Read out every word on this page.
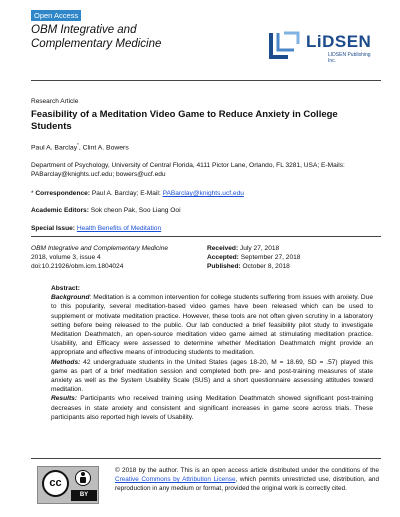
Open Access
OBM Integrative and
Complementary Medicine	LiDSEN
LIDSEN Publishing Inc.
Research Article
Feasibility of a Meditation Video Game to Reduce Anxiety in College Students
Paul A. Barclay*, Clint A. Bowers
Department of Psychology, University of Central Florida, 4111 Pictor Lane, Orlando, FL 3281, USA; E-Mails: PABarclay@knights.ucf.edu; bowers@ucf.edu
* Correspondence: Paul A. Barclay; E-Mail: PABarclay@knights.ucf.edu
Academic Editors: Sok cheon Pak, Soo Liang Ooi
Special Issue: Health Benefits of Meditation
OBM Integrative and Complementary Medicine
2018, volume 3, issue 4
doi:10.21926/obm.icm.1804024
Received: July 27, 2018
Accepted: September 27, 2018
Published: October 8, 2018

Abstract:

Background: Meditation is a common intervention for college students suffering from issues with anxiety. Due to this popularity, several meditation-based video games have been released which can be used to supplement or motivate meditation practice. However, these tools are not often given scrutiny in a laboratory setting before being released to the public. Our lab conducted a brief feasibility pilot study to investigate Meditation Deathmatch, an open-source meditation video game aimed at stimulating meditation practice. Usability, and Efficacy were assessed to determine whether Meditation Deathmatch might provide an appropriate and effective means of introducing students to meditation.

Methods: 42 undergraduate students in the United States (ages 18-20, M = 18.69, SD = .57) played this game as part of a brief meditation session and completed both pre- and post-training measures of state anxiety as well as the System Usability Scale (SUS) and a short questionnaire assessing attitudes toward meditation.

Results: Participants who received training using Meditation Deathmatch showed significant post-training decreases in state anxiety and consistent and significant increases in game score across trials. These participants also reported high levels of Usability.

cc
BY
© 2018 by the author. This is an open access article distributed under the conditions of the Creative Commons by Attribution License, which permits unrestricted use, distribution, and reproduction in any medium or format, provided the original work is correctly cited.
